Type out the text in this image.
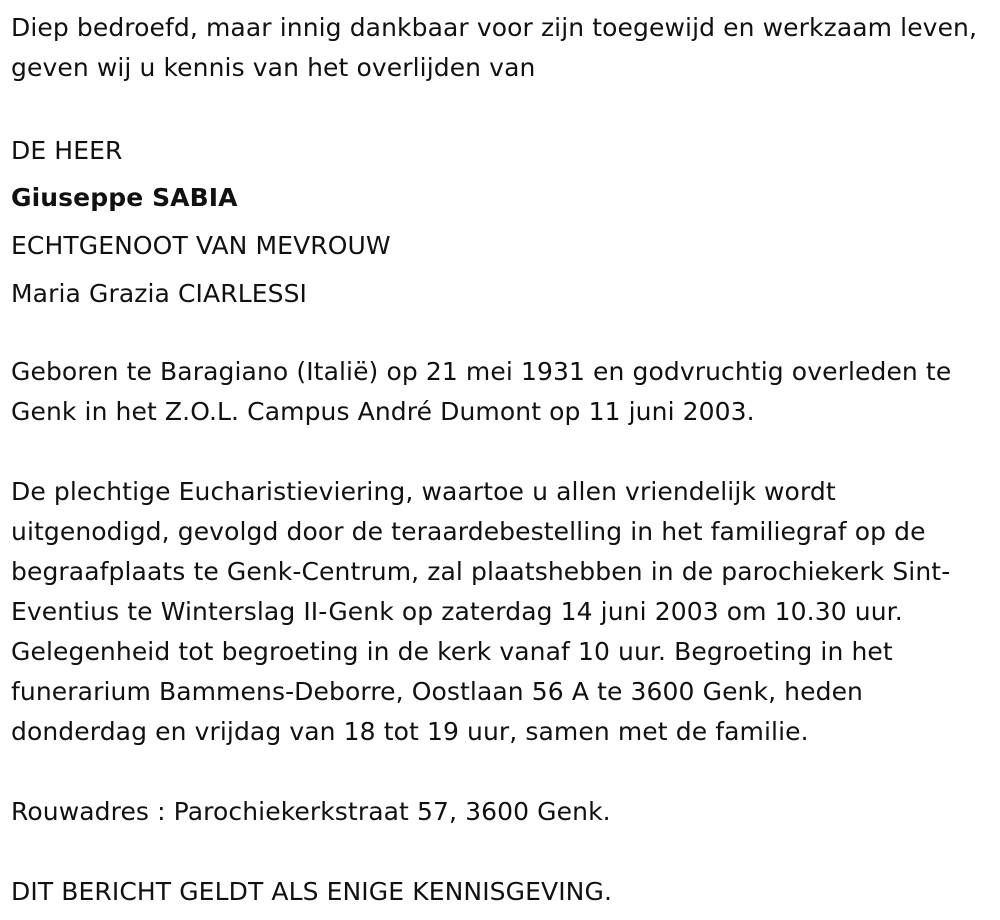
Diep bedroefd, maar innig dankbaar voor zijn toegewijd en werkzaam leven, geven wij u kennis van het overlijden van

DE HEER
Giuseppe SABIA
ECHTGENOOT VAN MEVROUW
Maria Grazia CIARLESSI

Geboren te Baragiano (Italië) op 21 mei 1931 en godvruchtig overleden te Genk in het Z.O.L. Campus André Dumont op 11 juni 2003.

De plechtige Eucharistieviering, waartoe u allen vriendelijk wordt uitgenodigd, gevolgd door de teraardebestelling in het familiegraf op de begraafplaats te Genk-Centrum, zal plaatshebben in de parochiekerk Sint-Eventius te Winterslag II-Genk op zaterdag 14 juni 2003 om 10.30 uur. Gelegenheid tot begroeting in de kerk vanaf 10 uur. Begroeting in het funerarium Bammens-Deborre, Oostlaan 56 A te 3600 Genk, heden donderdag en vrijdag van 18 tot 19 uur, samen met de familie.

Rouwadres : Parochiekerkstraat 57, 3600 Genk.

DIT BERICHT GELDT ALS ENIGE KENNISGEVING.
